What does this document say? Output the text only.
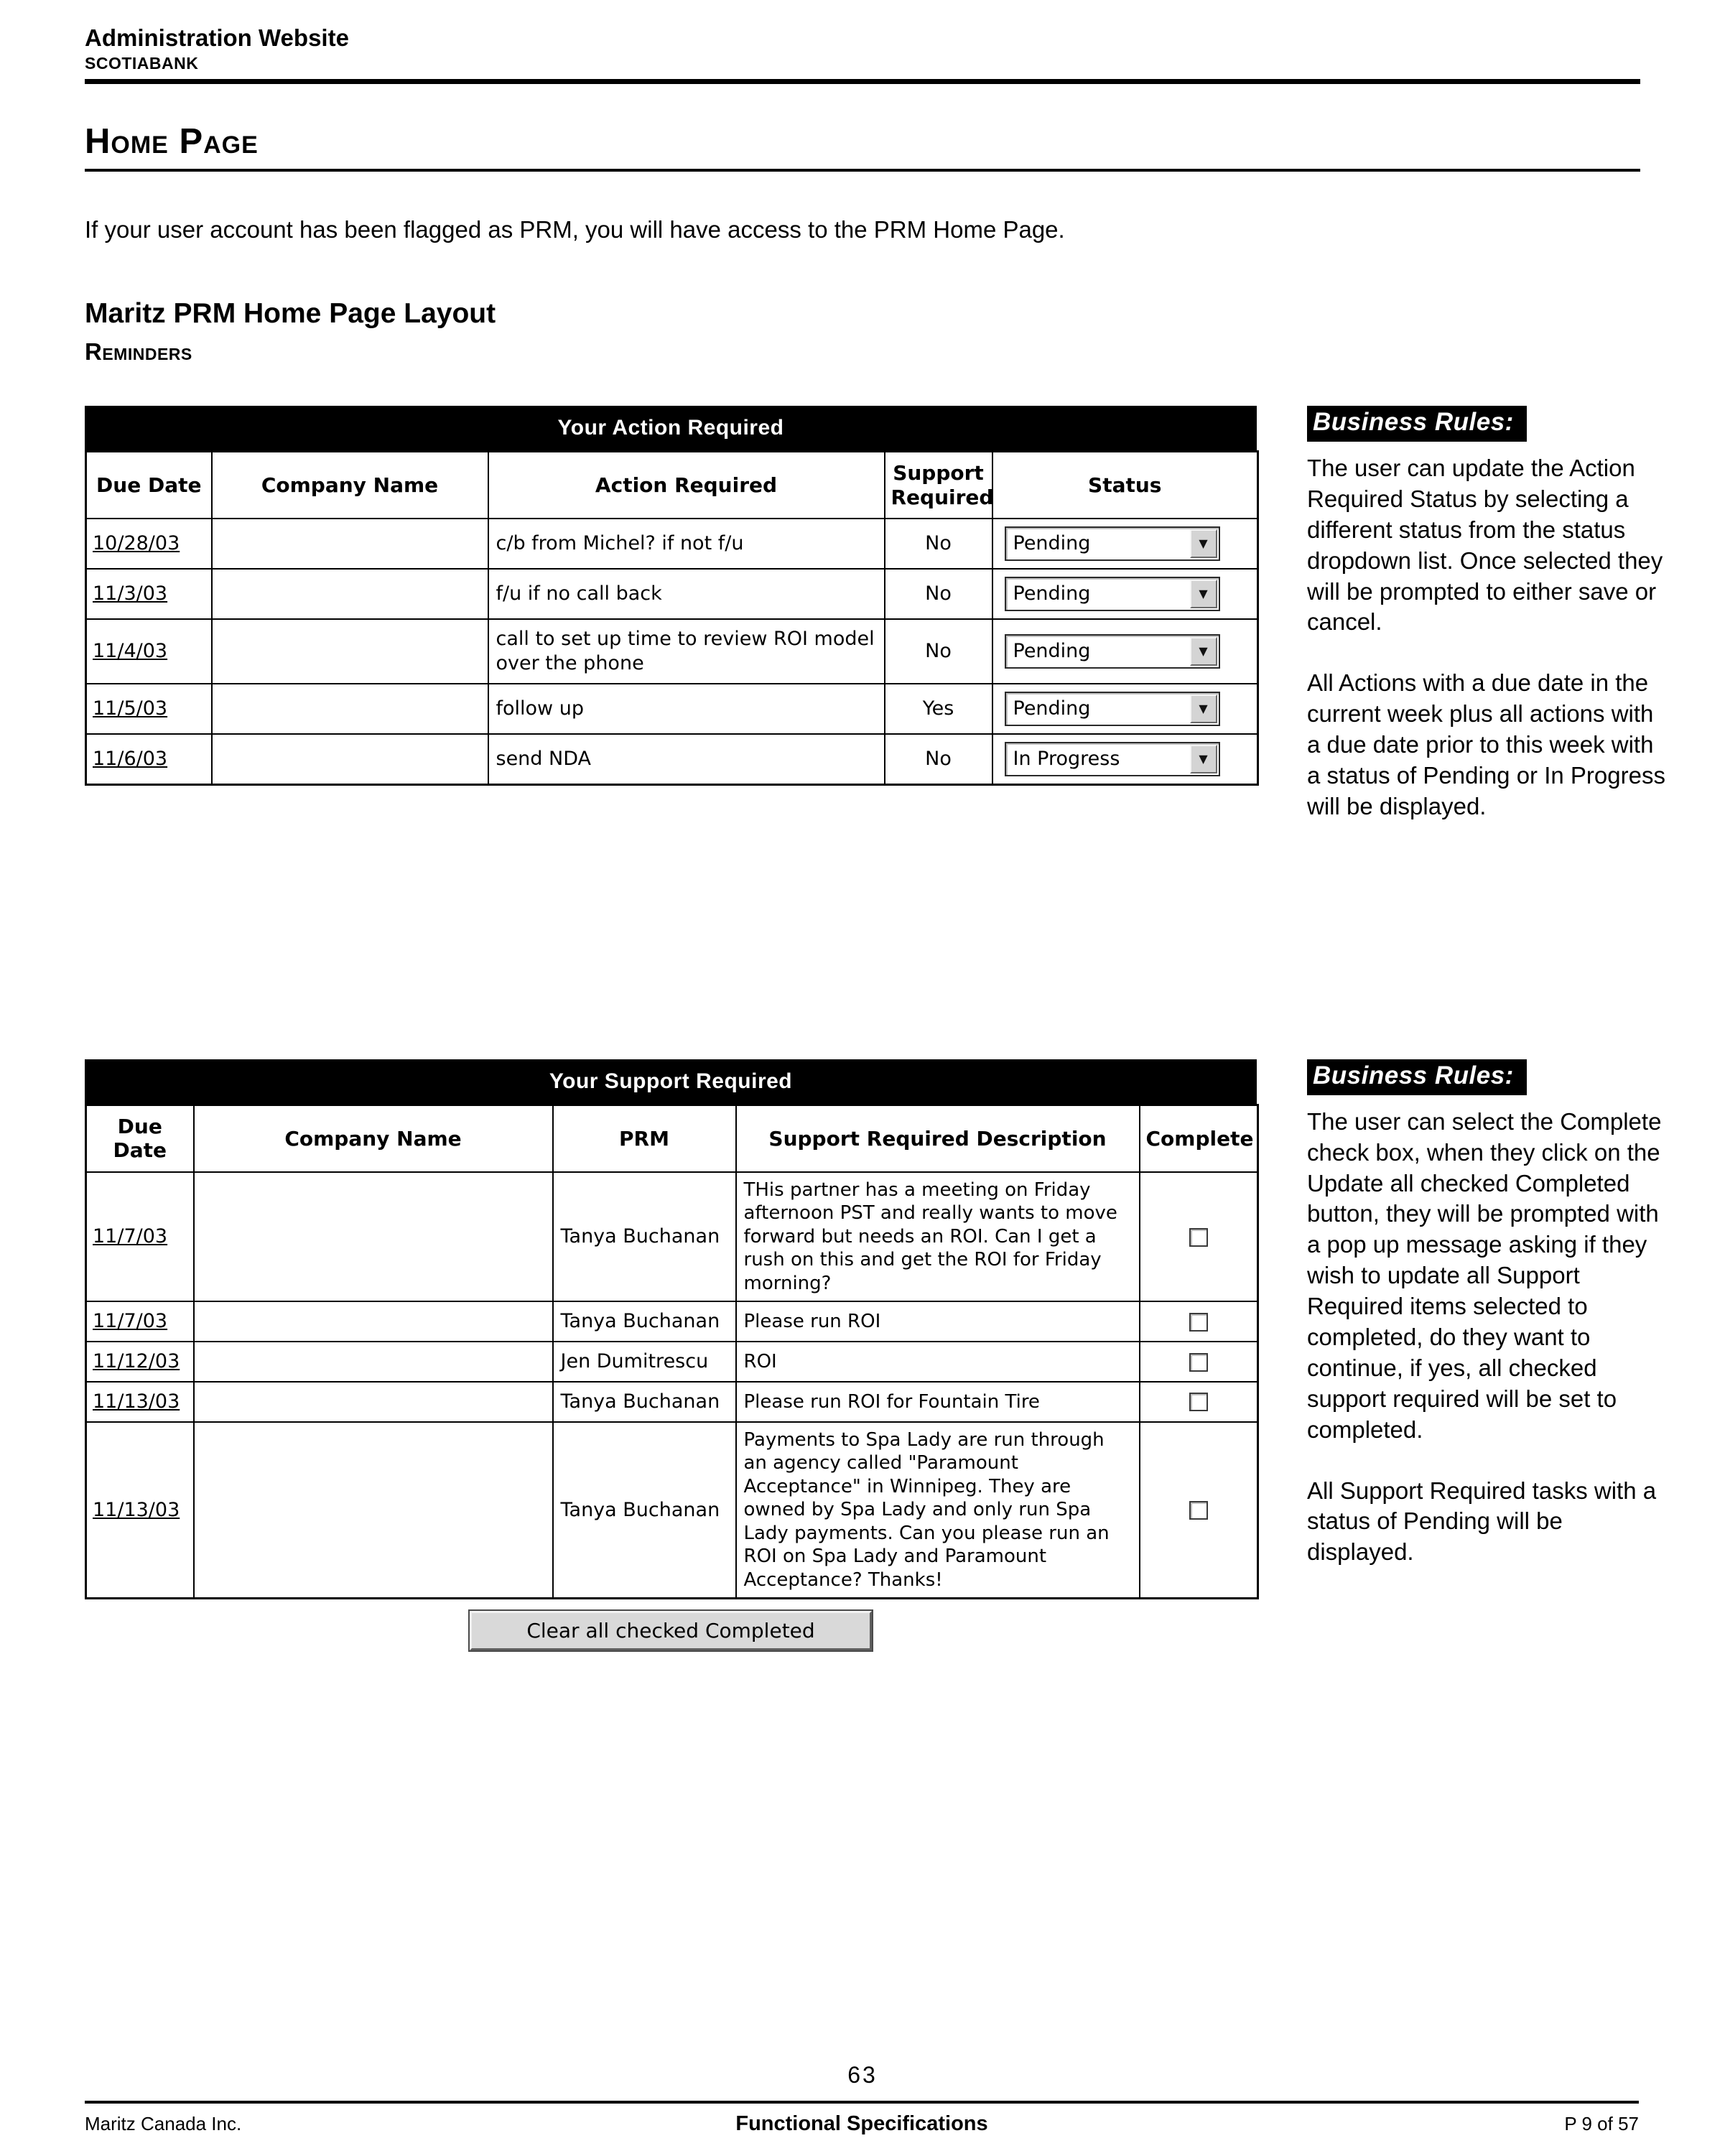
Administration Website
SCOTIABANK
Home Page

If your user account has been flagged as PRM, you will have access to the PRM Home Page.

Maritz PRM Home Page Layout
Reminders
Your Action Required
Due Date	Company Name	Action Required	Support Required	Status
10/28/03		c/b from Michel? if not f/u	No	Pending ▼

11/3/03		f/u if no call back	No	Pending ▼

11/4/03		call to set up time to review ROI model over the phone	No	Pending ▼

11/5/03		follow up	Yes	Pending ▼

11/6/03		send NDA	No	In Progress ▼
Business Rules:

The user can update the Action Required Status by selecting a different status from the status dropdown list. Once selected they will be prompted to either save or cancel.

All Actions with a due date in the current week plus all actions with a due date prior to this week with a status of Pending or In Progress will be displayed.

Your Support Required
Due Date	Company Name	PRM	Support Required Description	Complete
11/7/03		Tanya Buchanan	THis partner has a meeting on Friday afternoon PST and really wants to move forward but needs an ROI. Can I get a rush on this and get the ROI for Friday morning?	
11/7/03		Tanya Buchanan	Please run ROI	
11/12/03		Jen Dumitrescu	ROI	
11/13/03		Tanya Buchanan	Please run ROI for Fountain Tire	
11/13/03		Tanya Buchanan	Payments to Spa Lady are run through an agency called "Paramount Acceptance" in Winnipeg. They are owned by Spa Lady and only run Spa Lady payments. Can you please run an ROI on Spa Lady and Paramount Acceptance? Thanks!	
Clear all checked Completed
Business Rules:

The user can select the Complete check box, when they click on the Update all checked Completed button, they will be prompted with a pop up message asking if they wish to update all Support Required items selected to completed, do they want to continue, if yes, all checked support required will be set to completed.

All Support Required tasks with a status of Pending will be displayed.

63
Maritz Canada Inc.	Functional Specifications	P 9 of 57
